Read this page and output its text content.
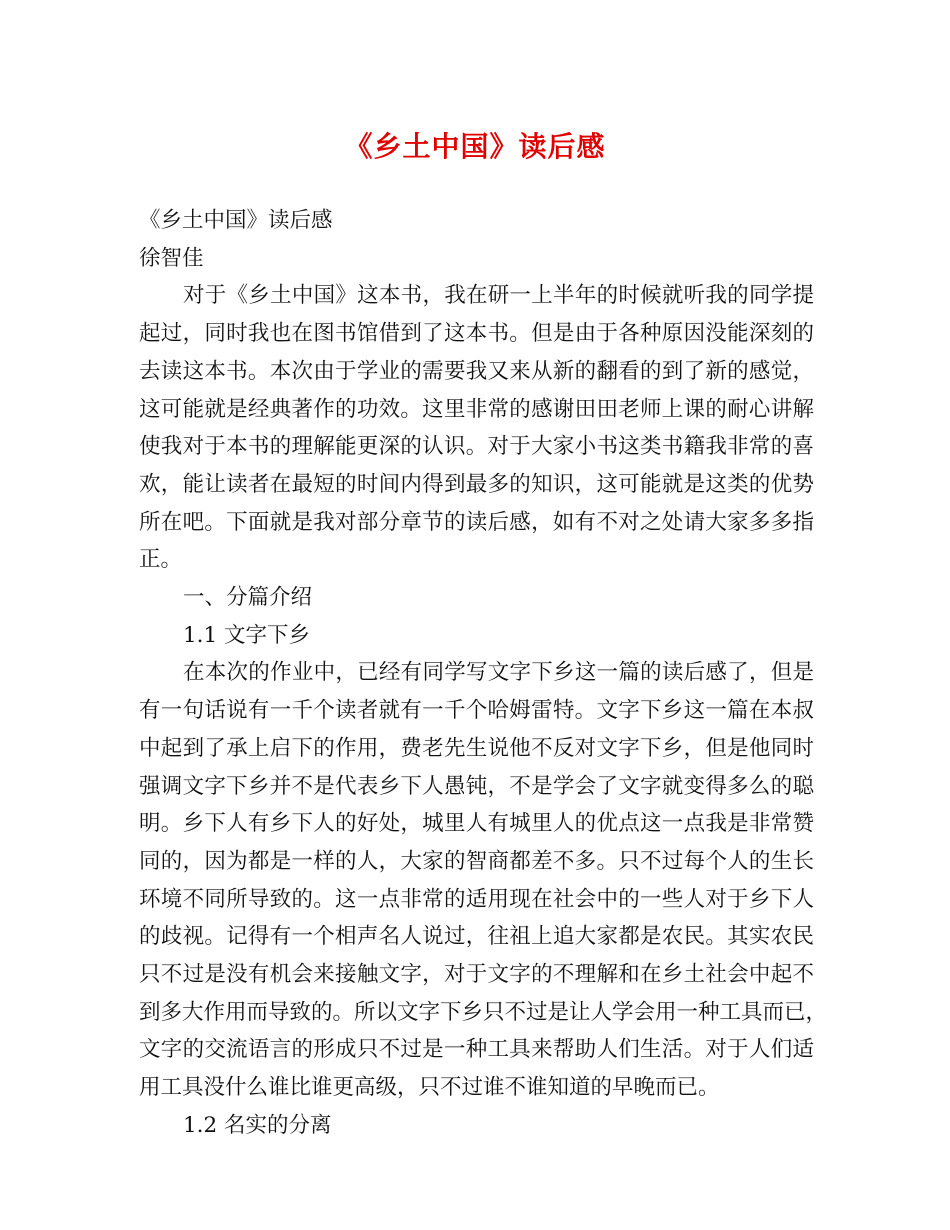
《乡土中国》读后感

《乡土中国》读后感

徐智佳

对于《乡土中国》这本书，我在研一上半年的时候就听我的同学提

起过，同时我也在图书馆借到了这本书。但是由于各种原因没能深刻的

去读这本书。本次由于学业的需要我又来从新的翻看的到了新的感觉，

这可能就是经典著作的功效。这里非常的感谢田田老师上课的耐心讲解

使我对于本书的理解能更深的认识。对于大家小书这类书籍我非常的喜

欢，能让读者在最短的时间内得到最多的知识，这可能就是这类的优势

所在吧。下面就是我对部分章节的读后感，如有不对之处请大家多多指

正。

一、分篇介绍

1.1 文字下乡

在本次的作业中，已经有同学写文字下乡这一篇的读后感了，但是

有一句话说有一千个读者就有一千个哈姆雷特。文字下乡这一篇在本叔

中起到了承上启下的作用，费老先生说他不反对文字下乡，但是他同时

强调文字下乡并不是代表乡下人愚钝，不是学会了文字就变得多么的聪

明。乡下人有乡下人的好处，城里人有城里人的优点这一点我是非常赞

同的，因为都是一样的人，大家的智商都差不多。只不过每个人的生长

环境不同所导致的。这一点非常的适用现在社会中的一些人对于乡下人

的歧视。记得有一个相声名人说过，往祖上追大家都是农民。其实农民

只不过是没有机会来接触文字，对于文字的不理解和在乡土社会中起不

到多大作用而导致的。所以文字下乡只不过是让人学会用一种工具而已，

文字的交流语言的形成只不过是一种工具来帮助人们生活。对于人们适

用工具没什么谁比谁更高级，只不过谁不谁知道的早晚而已。

1.2 名实的分离
